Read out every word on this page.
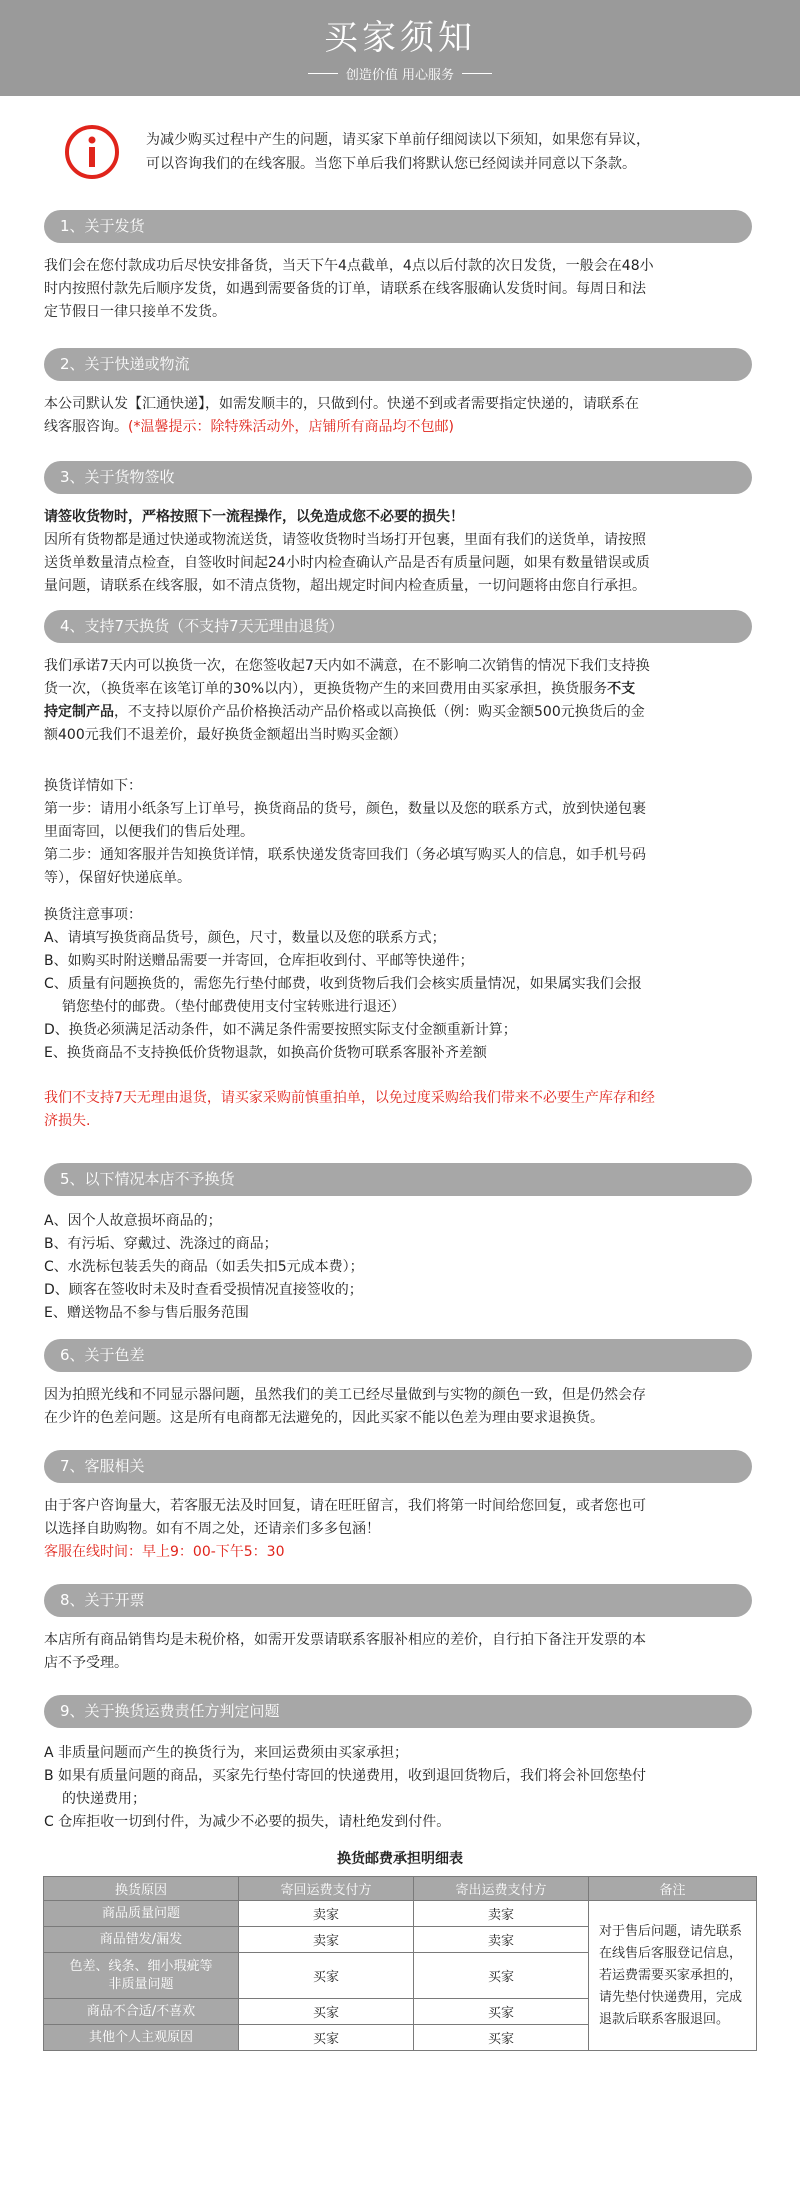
买家须知
创造价值 用心服务

为减少购买过程中产生的问题，请买家下单前仔细阅读以下须知，如果您有异议，

可以咨询我们的在线客服。当您下单后我们将默认您已经阅读并同意以下条款。

1、关于发货

我们会在您付款成功后尽快安排备货，当天下午4点截单，4点以后付款的次日发货，一般会在48小

时内按照付款先后顺序发货，如遇到需要备货的订单，请联系在线客服确认发货时间。每周日和法

定节假日一律只接单不发货。

2、关于快递或物流

本公司默认发【汇通快递】，如需发顺丰的，只做到付。快递不到或者需要指定快递的，请联系在

线客服咨询。(*温馨提示：除特殊活动外，店铺所有商品均不包邮)

3、关于货物签收

请签收货物时，严格按照下一流程操作，以免造成您不必要的损失！

因所有货物都是通过快递或物流送货，请签收货物时当场打开包裹，里面有我们的送货单，请按照

送货单数量清点检查，自签收时间起24小时内检查确认产品是否有质量问题，如果有数量错误或质

量问题，请联系在线客服，如不清点货物，超出规定时间内检查质量，一切问题将由您自行承担。

4、支持7天换货（不支持7天无理由退货）

我们承诺7天内可以换货一次，在您签收起7天内如不满意，在不影响二次销售的情况下我们支持换

货一次，（换货率在该笔订单的30%以内），更换货物产生的来回费用由买家承担，换货服务不支

持定制产品，不支持以原价产品价格换活动产品价格或以高换低（例：购买金额500元换货后的金

额400元我们不退差价，最好换货金额超出当时购买金额）

换货详情如下：

第一步：请用小纸条写上订单号，换货商品的货号，颜色，数量以及您的联系方式，放到快递包裹

里面寄回，以便我们的售后处理。

第二步：通知客服并告知换货详情，联系快递发货寄回我们（务必填写购买人的信息，如手机号码

等），保留好快递底单。

换货注意事项：

A、请填写换货商品货号，颜色，尺寸，数量以及您的联系方式；

B、如购买时附送赠品需要一并寄回，仓库拒收到付、平邮等快递件；

C、质量有问题换货的，需您先行垫付邮费，收到货物后我们会核实质量情况，如果属实我们会报

销您垫付的邮费。（垫付邮费使用支付宝转账进行退还）

D、换货必须满足活动条件，如不满足条件需要按照实际支付金额重新计算；

E、换货商品不支持换低价货物退款，如换高价货物可联系客服补齐差额

我们不支持7天无理由退货，请买家采购前慎重拍单，以免过度采购给我们带来不必要生产库存和经

济损失.

5、以下情况本店不予换货

A、因个人故意损坏商品的；

B、有污垢、穿戴过、洗涤过的商品；

C、水洗标包装丢失的商品（如丢失扣5元成本费）；

D、顾客在签收时未及时查看受损情况直接签收的；

E、赠送物品不参与售后服务范围

6、关于色差

因为拍照光线和不同显示器问题，虽然我们的美工已经尽量做到与实物的颜色一致，但是仍然会存

在少许的色差问题。这是所有电商都无法避免的，因此买家不能以色差为理由要求退换货。

7、客服相关

由于客户咨询量大，若客服无法及时回复，请在旺旺留言，我们将第一时间给您回复，或者您也可

以选择自助购物。如有不周之处，还请亲们多多包涵！

客服在线时间：早上9：00-下午5：30

8、关于开票

本店所有商品销售均是未税价格，如需开发票请联系客服补相应的差价，自行拍下备注开发票的本

店不予受理。

9、关于换货运费责任方判定问题

A 非质量问题而产生的换货行为，来回运费须由买家承担；

B 如果有质量问题的商品，买家先行垫付寄回的快递费用，收到退回货物后，我们将会补回您垫付

的快递费用；

C 仓库拒收一切到付件，为减少不必要的损失，请杜绝发到付件。

换货邮费承担明细表
换货原因	寄回运费支付方	寄出运费支付方	备注
商品质量问题	卖家	卖家	对于售后问题，请先联系在线售后客服登记信息，若运费需要买家承担的，请先垫付快递费用，完成退款后联系客服退回。
商品错发/漏发	卖家	卖家	
色差、线条、细小瑕疵等非质量问题	买家	买家	
商品不合适/不喜欢	买家	买家	
其他个人主观原因	买家	买家	
